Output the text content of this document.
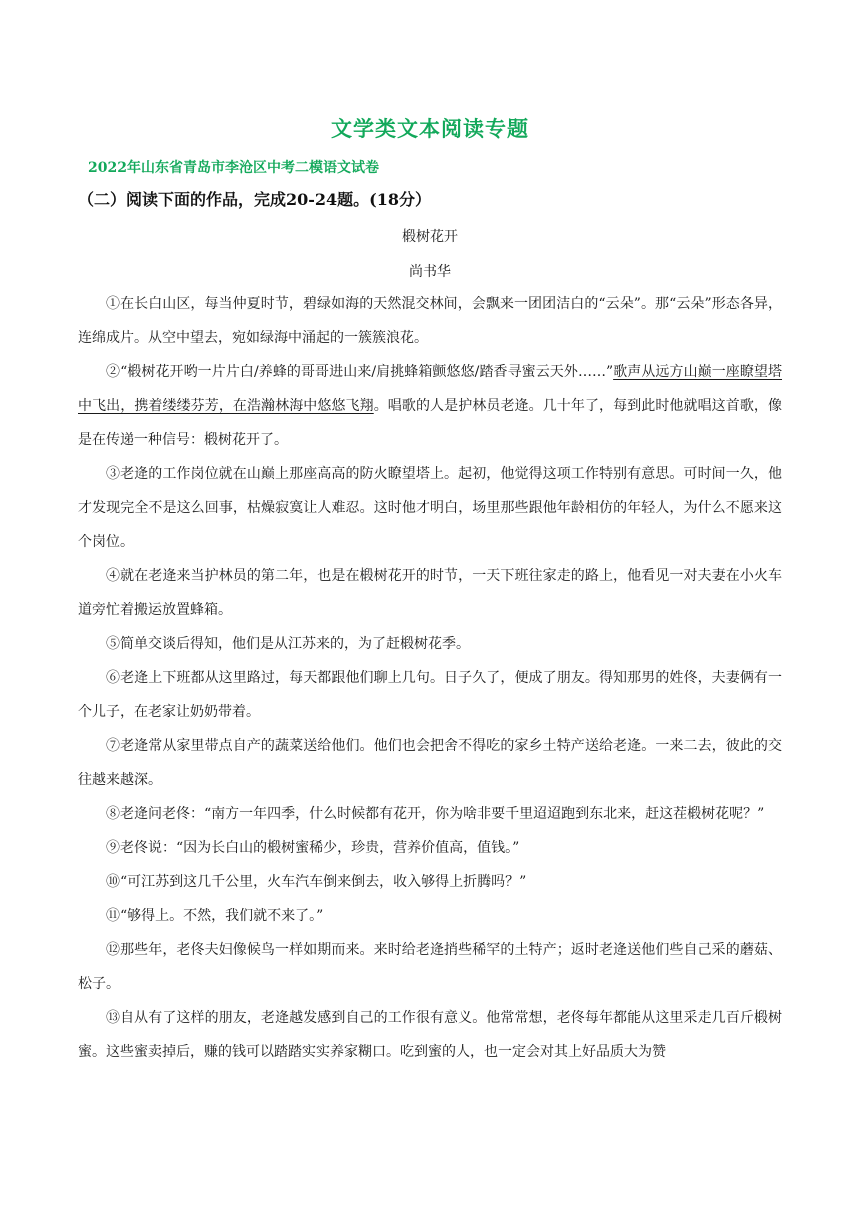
文学类文本阅读专题
2022年山东省青岛市李沧区中考二模语文试卷
（二）阅读下面的作品，完成20-24题。(18分）
椴树花开
尚书华

①在长白山区，每当仲夏时节，碧绿如海的天然混交林间，会飘来一团团洁白的“云朵”。那“云朵”形态各异，连绵成片。从空中望去，宛如绿海中涌起的一簇簇浪花。

②“椴树花开哟一片片白/养蜂的哥哥进山来/肩挑蜂箱颤悠悠/踏香寻蜜云天外……”歌声从远方山巅一座瞭望塔中飞出，携着缕缕芬芳，在浩瀚林海中悠悠飞翔。唱歌的人是护林员老逄。几十年了，每到此时他就唱这首歌，像是在传递一种信号：椴树花开了。

③老逄的工作岗位就在山巅上那座高高的防火瞭望塔上。起初，他觉得这项工作特别有意思。可时间一久，他才发现完全不是这么回事，枯燥寂寞让人难忍。这时他才明白，场里那些跟他年龄相仿的年轻人，为什么不愿来这个岗位。

④就在老逄来当护林员的第二年，也是在椴树花开的时节，一天下班往家走的路上，他看见一对夫妻在小火车道旁忙着搬运放置蜂箱。

⑤简单交谈后得知，他们是从江苏来的，为了赶椴树花季。

⑥老逄上下班都从这里路过，每天都跟他们聊上几句。日子久了，便成了朋友。得知那男的姓佟，夫妻俩有一个儿子，在老家让奶奶带着。

⑦老逄常从家里带点自产的蔬菜送给他们。他们也会把舍不得吃的家乡土特产送给老逄。一来二去，彼此的交往越来越深。

⑧老逄问老佟：“南方一年四季，什么时候都有花开，你为啥非要千里迢迢跑到东北来，赶这茬椴树花呢？”

⑨老佟说：“因为长白山的椴树蜜稀少，珍贵，营养价值高，值钱。”

⑩“可江苏到这几千公里，火车汽车倒来倒去，收入够得上折腾吗？”

⑪“够得上。不然，我们就不来了。”

⑫那些年，老佟夫妇像候鸟一样如期而来。来时给老逄捎些稀罕的土特产；返时老逄送他们些自己采的蘑菇、松子。

⑬自从有了这样的朋友，老逄越发感到自己的工作很有意义。他常常想，老佟每年都能从这里采走几百斤椴树蜜。这些蜜卖掉后，赚的钱可以踏踏实实养家糊口。吃到蜜的人，也一定会对其上好品质大为赞
